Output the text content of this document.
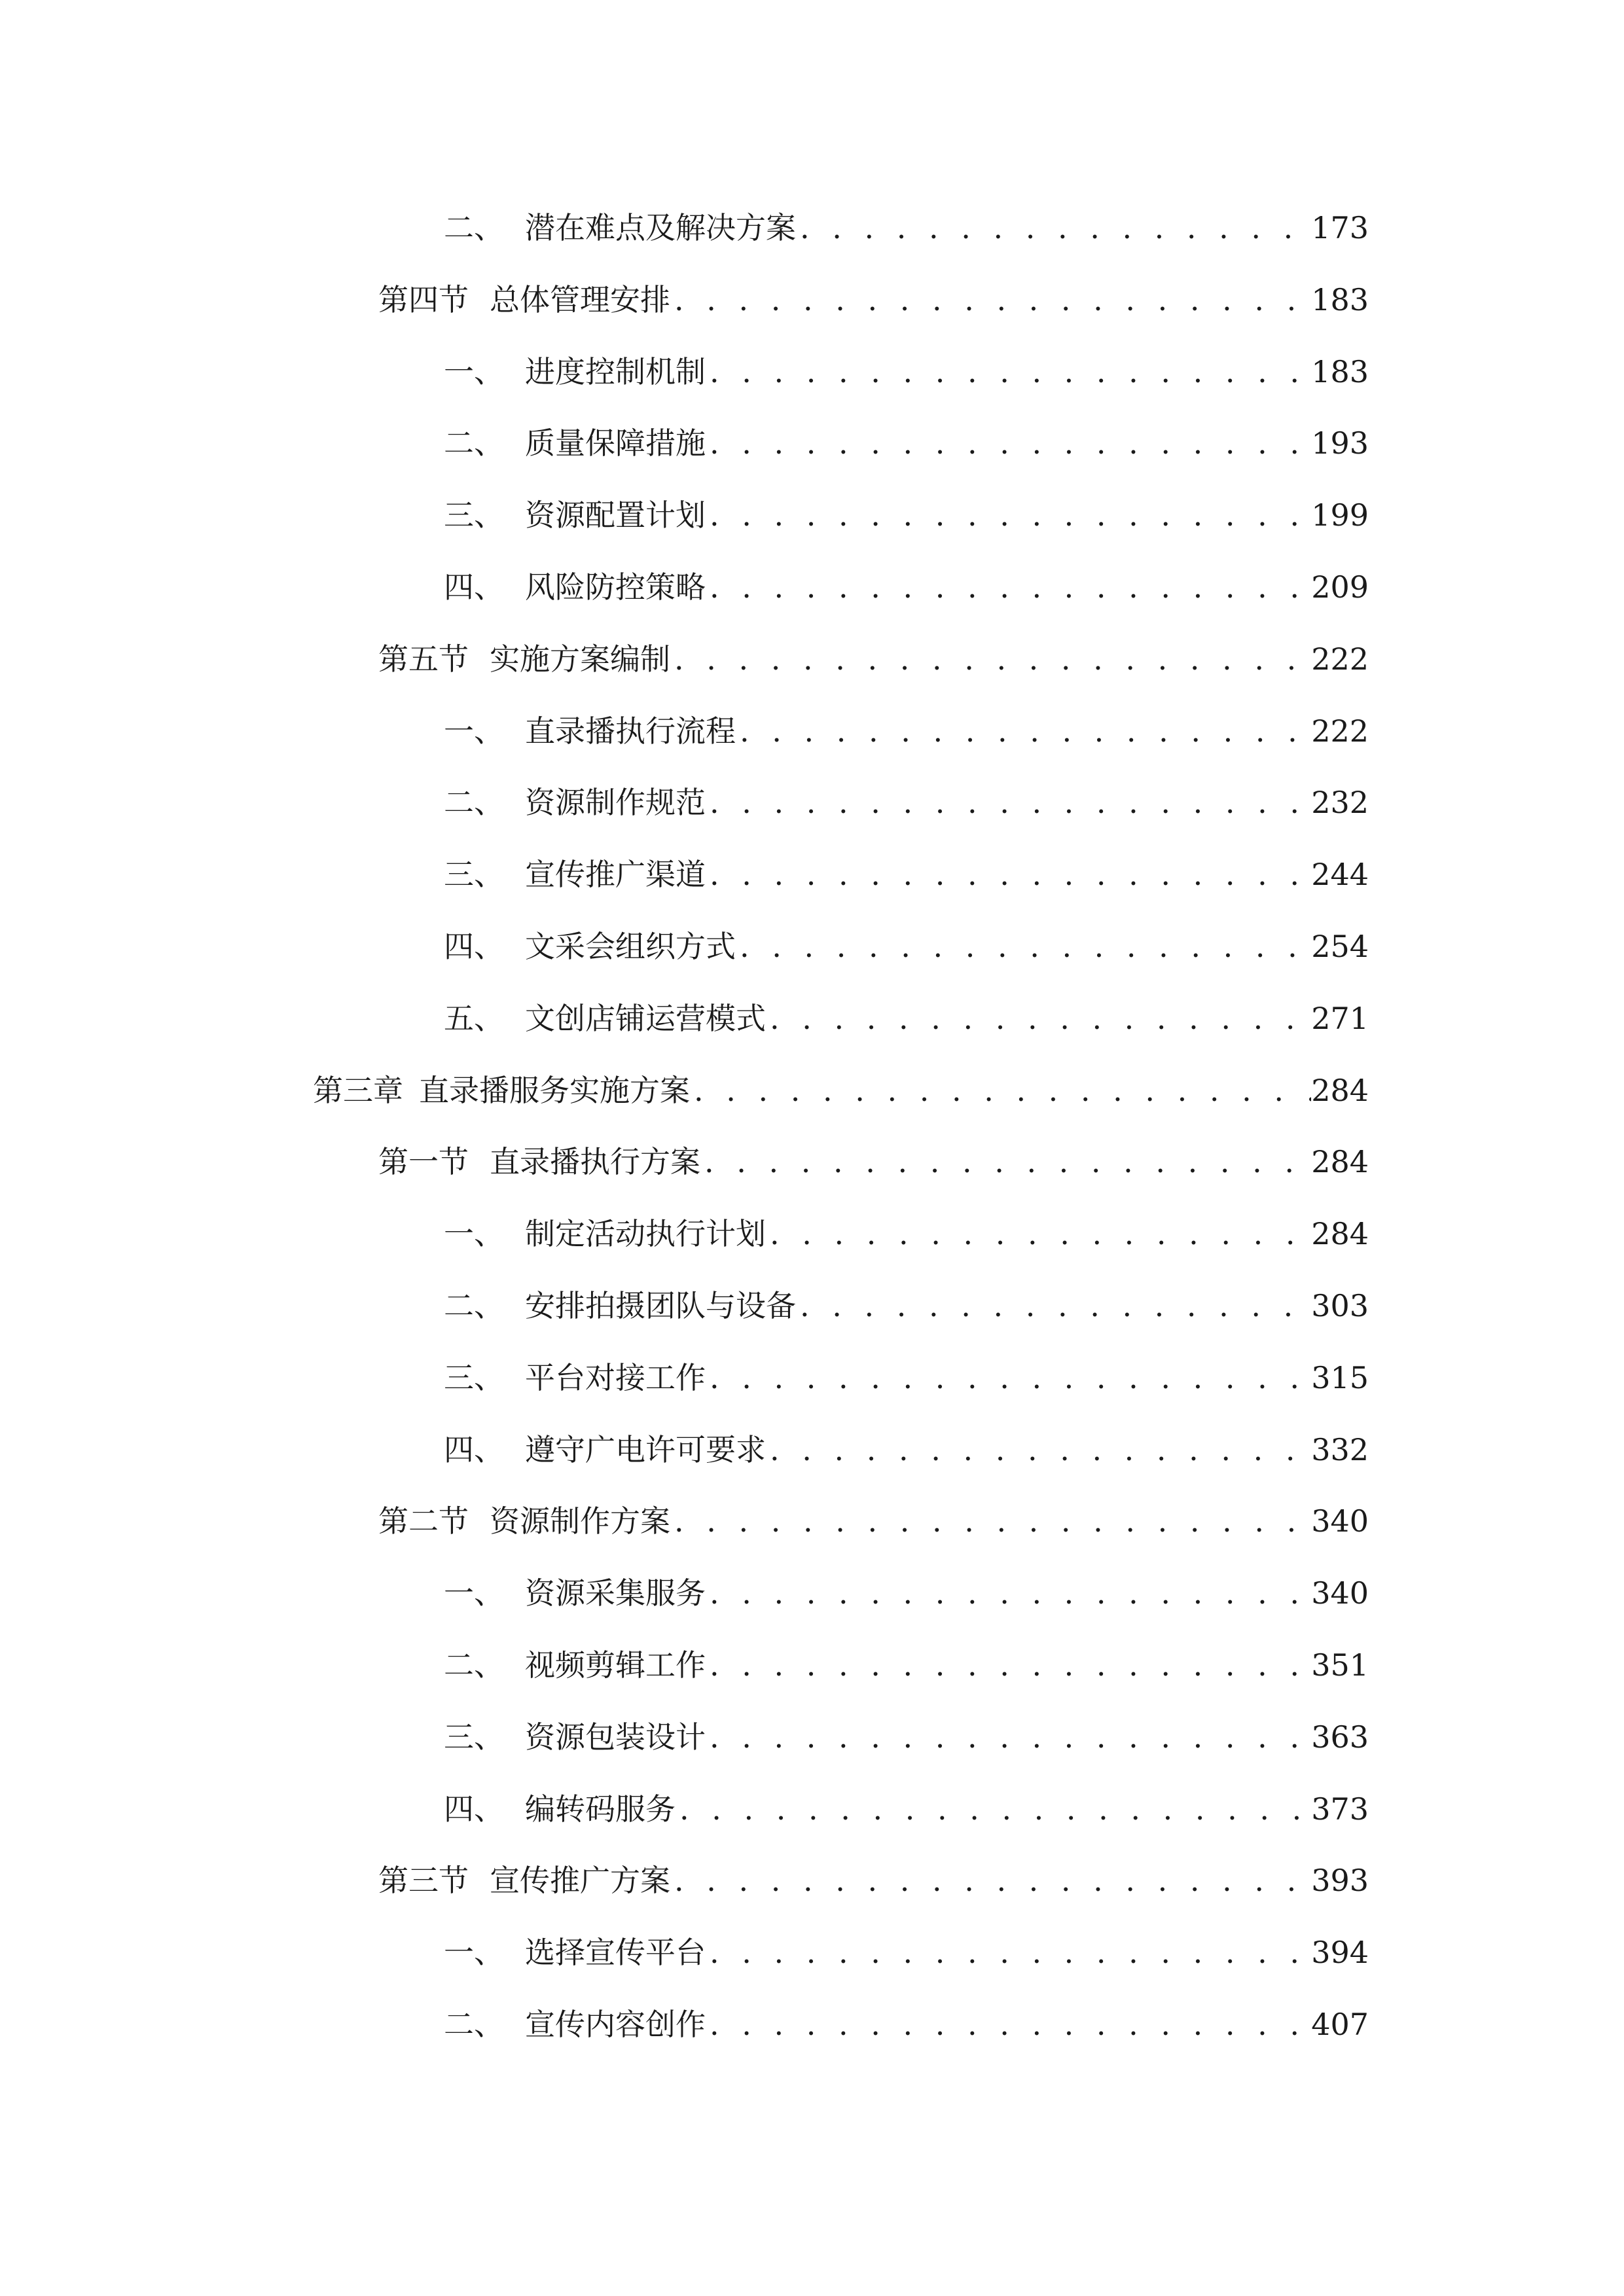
二、 潜在难点及解决方案 . . .	173
第四节 总体管理安排 . . .	183
一、 进度控制机制 . . .	183
二、 质量保障措施 . . .	193
三、 资源配置计划 . . .	199
四、 风险防控策略 . . .	209
第五节 实施方案编制 . . .	222
一、 直录播执行流程 . . .	222
二、 资源制作规范 . . .	232
三、 宣传推广渠道 . . .	244
四、 文采会组织方式 . . .	254
五、 文创店铺运营模式 . . .	271
第三章 直录播服务实施方案 . . .	284
第一节 直录播执行方案 . . .	284
一、 制定活动执行计划 . . .	284
二、 安排拍摄团队与设备 . . .	303
三、 平台对接工作 . . .	315
四、 遵守广电许可要求 . . .	332
第二节 资源制作方案 . . .	340
一、 资源采集服务 . . .	340
二、 视频剪辑工作 . . .	351
三、 资源包装设计 . . .	363
四、 编转码服务 . . .	373
第三节 宣传推广方案 . . .	393
一、 选择宣传平台 . . .	394
二、 宣传内容创作 . . .	407
